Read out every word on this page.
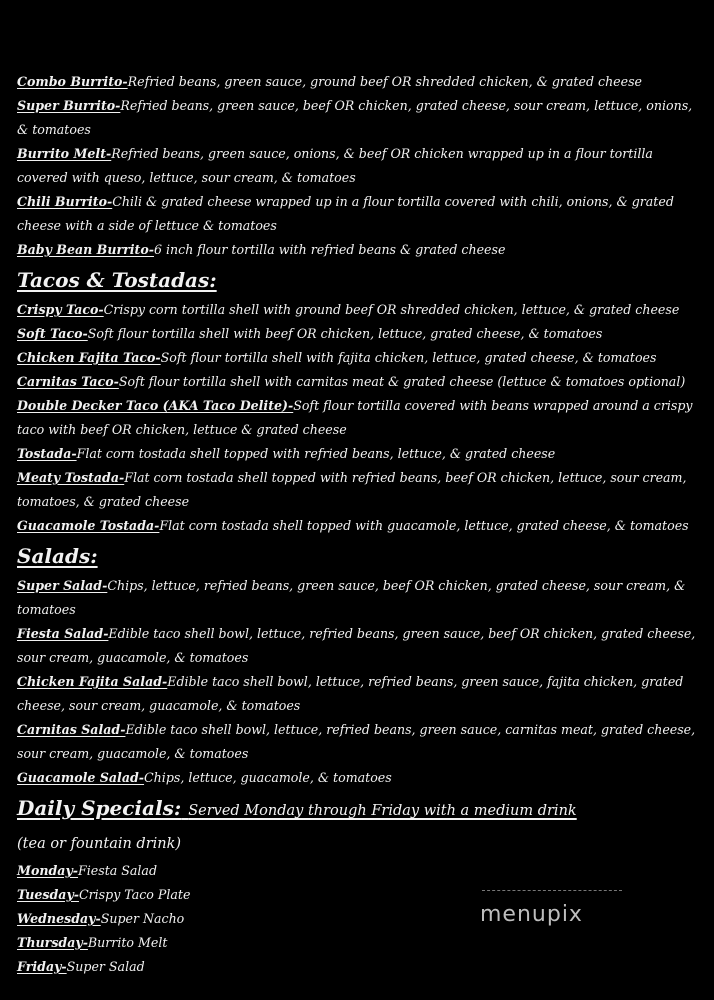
Combo Burrito-Refried beans, green sauce, ground beef OR shredded chicken, & grated cheese

Super Burrito-Refried beans, green sauce, beef OR chicken, grated cheese, sour cream, lettuce, onions, & tomatoes

Burrito Melt-Refried beans, green sauce, onions, & beef OR chicken wrapped up in a flour tortilla covered with queso, lettuce, sour cream, & tomatoes

Chili Burrito-Chili & grated cheese wrapped up in a flour tortilla covered with chili, onions, & grated cheese with a side of lettuce & tomatoes

Baby Bean Burrito-6 inch flour tortilla with refried beans & grated cheese

Tacos & Tostadas:

Crispy Taco-Crispy corn tortilla shell with ground beef OR shredded chicken, lettuce, & grated cheese

Soft Taco-Soft flour tortilla shell with beef OR chicken, lettuce, grated cheese, & tomatoes

Chicken Fajita Taco-Soft flour tortilla shell with fajita chicken, lettuce, grated cheese, & tomatoes

Carnitas Taco-Soft flour tortilla shell with carnitas meat & grated cheese (lettuce & tomatoes optional)

Double Decker Taco (AKA Taco Delite)-Soft flour tortilla covered with beans wrapped around a crispy taco with beef OR chicken, lettuce & grated cheese

Tostada-Flat corn tostada shell topped with refried beans, lettuce, & grated cheese

Meaty Tostada-Flat corn tostada shell topped with refried beans, beef OR chicken, lettuce, sour cream, tomatoes, & grated cheese

Guacamole Tostada-Flat corn tostada shell topped with guacamole, lettuce, grated cheese, & tomatoes

Salads:

Super Salad-Chips, lettuce, refried beans, green sauce, beef OR chicken, grated cheese, sour cream, & tomatoes

Fiesta Salad-Edible taco shell bowl, lettuce, refried beans, green sauce, beef OR chicken, grated cheese, sour cream, guacamole, & tomatoes

Chicken Fajita Salad-Edible taco shell bowl, lettuce, refried beans, green sauce, fajita chicken, grated cheese, sour cream, guacamole, & tomatoes

Carnitas Salad-Edible taco shell bowl, lettuce, refried beans, green sauce, carnitas meat, grated cheese, sour cream, guacamole, & tomatoes

Guacamole Salad-Chips, lettuce, guacamole, & tomatoes

Daily Specials: Served Monday through Friday with a medium drink

(tea or fountain drink)

Monday-Fiesta Salad

Tuesday-Crispy Taco Plate

Wednesday-Super Nacho

Thursday-Burrito Melt

Friday-Super Salad

menupix
